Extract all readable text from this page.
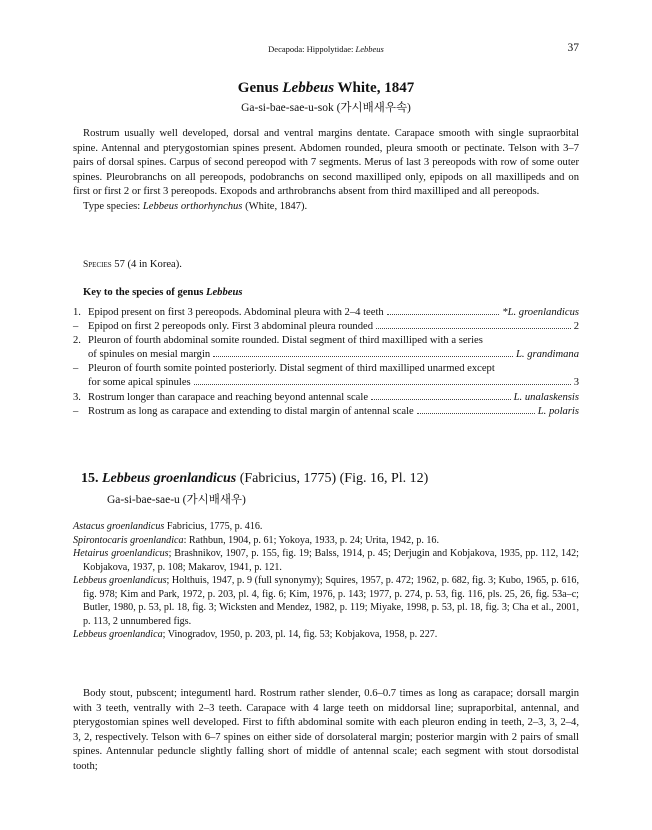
Decapoda: Hippolytidae: Lebbeus	37
Genus Lebbeus White, 1847
Ga-si-bae-sae-u-sok (가시배새우속)

Rostrum usually well developed, dorsal and ventral margins dentate. Carapace smooth with single supraorbital spine. Antennal and pterygostomian spines present. Abdomen rounded, pleura smooth or pectinate. Telson with 3–7 pairs of dorsal spines. Carpus of second pereopod with 7 segments. Merus of last 3 pereopods with row of some outer spines. Pleurobranchs on all pereopods, podobranchs on second maxilliped only, epipods on all maxillipeds and on first or first 2 or first 3 pereopods. Exopods and arthrobranchs absent from third maxilliped and all pereopods.

Type species: Lebbeus orthorhynchus (White, 1847).
Species 57 (4 in Korea).
Key to the species of genus Lebbeus
1. Epipod present on first 3 pereopods. Abdominal pleura with 2–4 teeth	*L. groenlandicus
– Epipod on first 2 pereopods only. First 3 abdominal pleura rounded	2
2. Pleuron of fourth abdominal somite rounded. Distal segment of third maxilliped with a series
of spinules on mesial margin	L. grandimana
– Pleuron of fourth somite pointed posteriorly. Distal segment of third maxilliped unarmed except
for some apical spinules	3
3. Rostrum longer than carapace and reaching beyond antennal scale	L. unalaskensis
– Rostrum as long as carapace and extending to distal margin of antennal scale	L. polaris
15. Lebbeus groenlandicus (Fabricius, 1775) (Fig. 16, Pl. 12)
Ga-si-bae-sae-u (가시배새우)
Astacus groenlandicus Fabricius, 1775, p. 416.
Spirontocaris groenlandica: Rathbun, 1904, p. 61; Yokoya, 1933, p. 24; Urita, 1942, p. 16.
Hetairus groenlandicus; Brashnikov, 1907, p. 155, fig. 19; Balss, 1914, p. 45; Derjugin and Kobjakova, 1935, pp. 112, 142; Kobjakova, 1937, p. 108; Makarov, 1941, p. 121.
Lebbeus groenlandicus; Holthuis, 1947, p. 9 (full synonymy); Squires, 1957, p. 472; 1962, p. 682, fig. 3; Kubo, 1965, p. 616, fig. 978; Kim and Park, 1972, p. 203, pl. 4, fig. 6; Kim, 1976, p. 143; 1977, p. 274, p. 53, fig. 116, pls. 25, 26, fig. 53a–c; Butler, 1980, p. 53, pl. 18, fig. 3; Wicksten and Mendez, 1982, p. 119; Miyake, 1998, p. 53, pl. 18, fig. 3; Cha et al., 2001, p. 113, 2 unnumbered figs.
Lebbeus groenlandica; Vinogradov, 1950, p. 203, pl. 14, fig. 53; Kobjakova, 1958, p. 227.

Body stout, pubscent; integumentl hard. Rostrum rather slender, 0.6–0.7 times as long as carapace; dorsall margin with 3 teeth, ventrally with 2–3 teeth. Carapace with 4 large teeth on middorsal line; supraporbital, antennal, and pterygostomian spines well developed. First to fifth abdominal somite with each pleuron ending in teeth, 2–3, 3, 2–4, 3, 2, respectively. Telson with 6–7 spines on either side of dorsolateral margin; posterior margin with 2 pairs of small spines. Antennular peduncle slightly falling short of middle of antennal scale; each segment with stout dorsodistal tooth;
